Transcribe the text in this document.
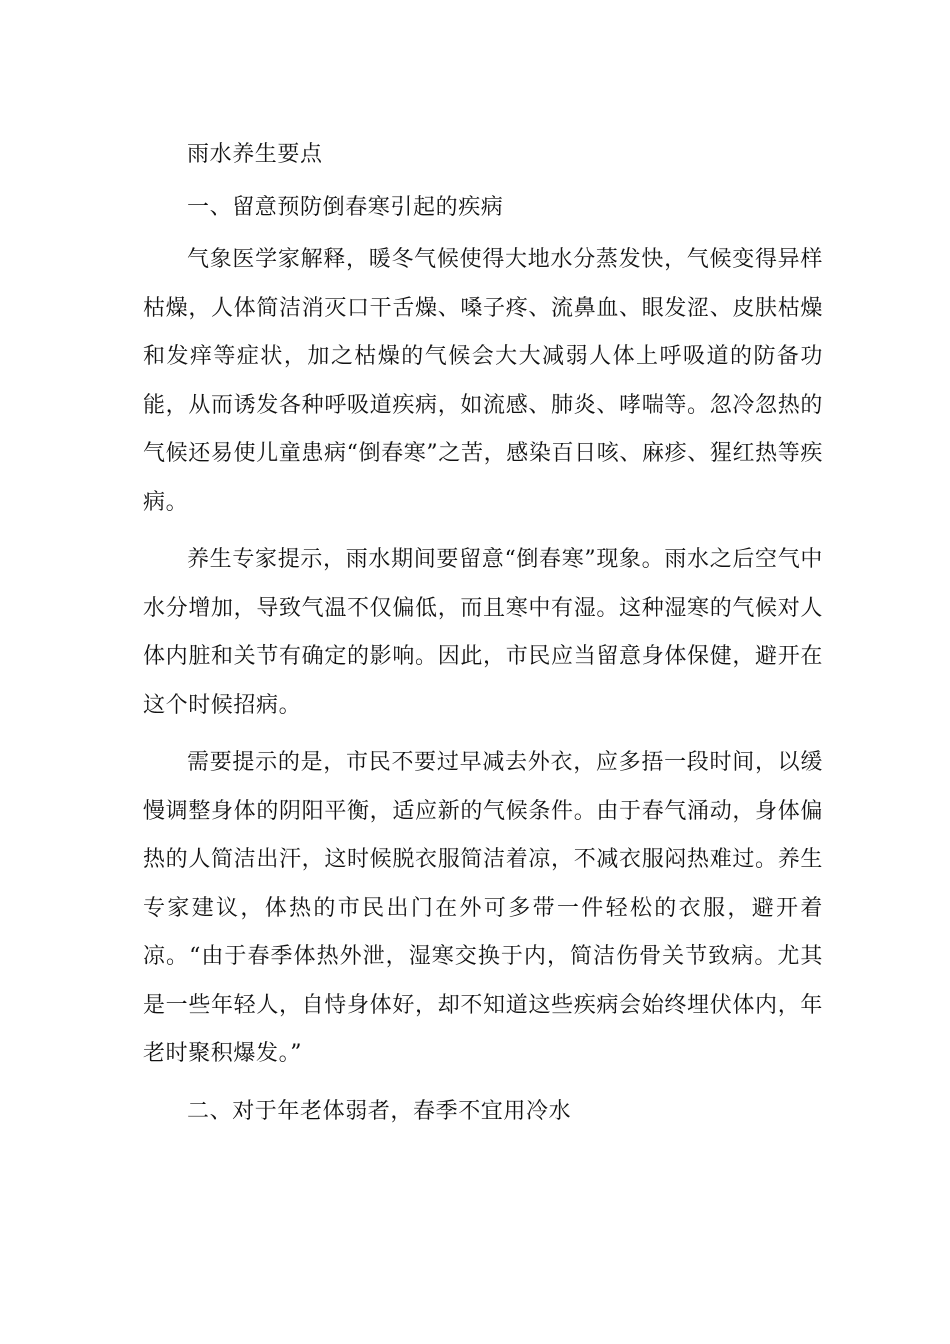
雨水养生要点

一、留意预防倒春寒引起的疾病

气象医学家解释，暖冬气候使得大地水分蒸发快，气候变得异样枯燥，人体简洁消灭口干舌燥、嗓子疼、流鼻血、眼发涩、皮肤枯燥和发痒等症状，加之枯燥的气候会大大减弱人体上呼吸道的防备功能，从而诱发各种呼吸道疾病，如流感、肺炎、哮喘等。忽冷忽热的气候还易使儿童患病“倒春寒”之苦，感染百日咳、麻疹、猩红热等疾病。

养生专家提示，雨水期间要留意“倒春寒”现象。雨水之后空气中水分增加，导致气温不仅偏低，而且寒中有湿。这种湿寒的气候对人体内脏和关节有确定的影响。因此，市民应当留意身体保健，避开在这个时候招病。

需要提示的是，市民不要过早减去外衣，应多捂一段时间，以缓慢调整身体的阴阳平衡，适应新的气候条件。由于春气涌动，身体偏热的人简洁出汗，这时候脱衣服简洁着凉，不减衣服闷热难过。养生专家建议，体热的市民出门在外可多带一件轻松的衣服，避开着凉。“由于春季体热外泄，湿寒交换于内，简洁伤骨关节致病。尤其是一些年轻人，自恃身体好，却不知道这些疾病会始终埋伏体内，年老时聚积爆发。”

二、对于年老体弱者，春季不宜用冷水
